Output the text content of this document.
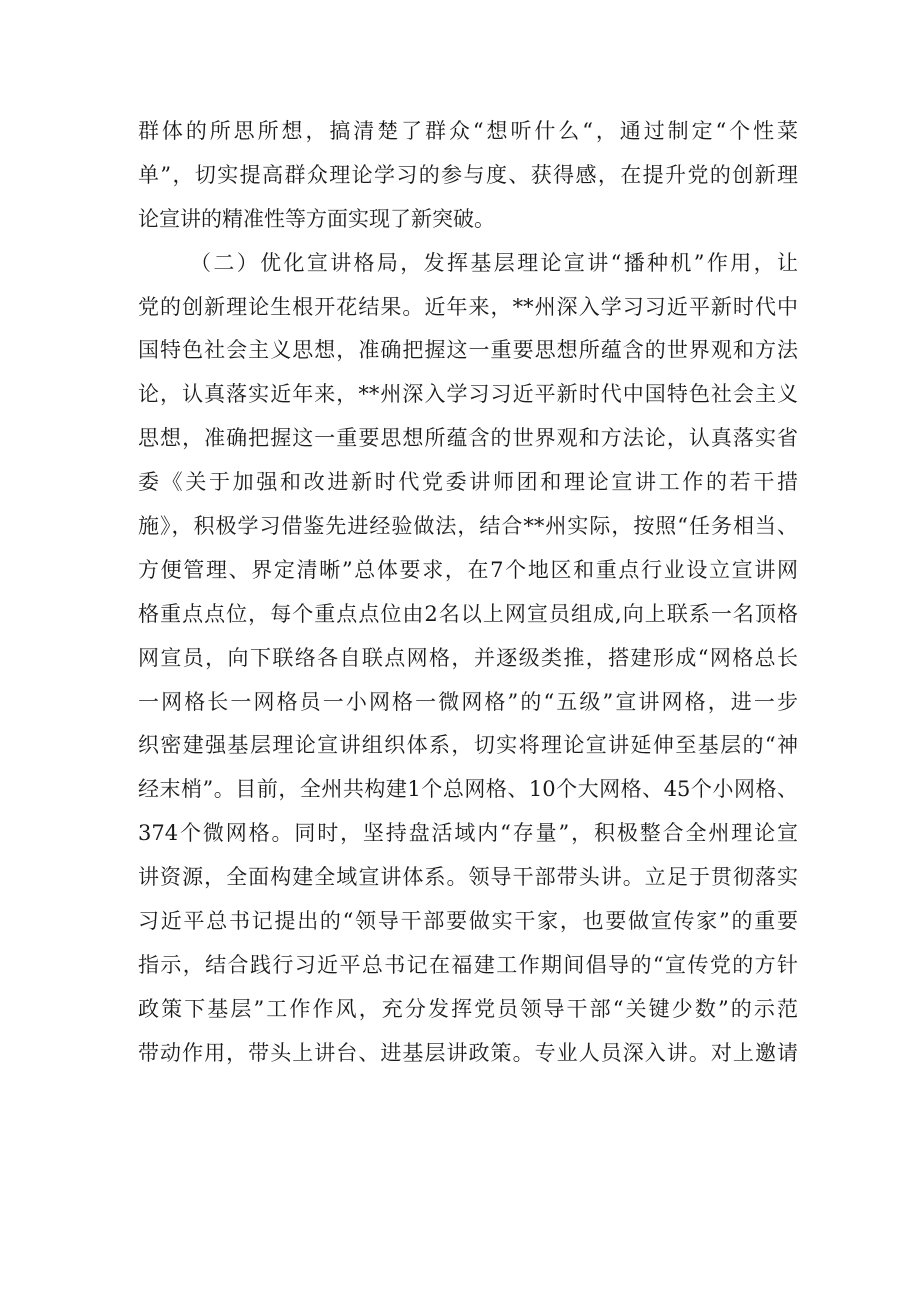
群体的所思所想，搞清楚了群众“想听什么“，通过制定“个性菜
单”，切实提高群众理论学习的参与度、获得感，在提升党的创新理
论宣讲的精准性等方面实现了新突破。
（二）优化宣讲格局，发挥基层理论宣讲“播种机”作用，让
党的创新理论生根开花结果。近年来，**州深入学习习近平新时代中
国特色社会主义思想，准确把握这一重要思想所蕴含的世界观和方法
论，认真落实近年来，**州深入学习习近平新时代中国特色社会主义
思想，准确把握这一重要思想所蕴含的世界观和方法论，认真落实省
委《关于加强和改进新时代党委讲师团和理论宣讲工作的若干措
施》，积极学习借鉴先进经验做法，结合**州实际，按照“任务相当、
方便管理、界定清晰”总体要求，在7个地区和重点行业设立宣讲网
格重点点位，每个重点点位由2名以上网宣员组成,向上联系一名顶格
网宣员，向下联络各自联点网格，并逐级类推，搭建形成“网格总长
一网格长一网格员一小网格一微网格”的“五级”宣讲网格，进一步
织密建强基层理论宣讲组织体系，切实将理论宣讲延伸至基层的“神
经末梢”。目前，全州共构建1个总网格、10个大网格、45个小网格、
374个微网格。同时，坚持盘活域内“存量”，积极整合全州理论宣
讲资源，全面构建全域宣讲体系。领导干部带头讲。立足于贯彻落实
习近平总书记提出的“领导干部要做实干家，也要做宣传家”的重要
指示，结合践行习近平总书记在福建工作期间倡导的“宣传党的方针
政策下基层”工作作风，充分发挥党员领导干部“关键少数”的示范
带动作用，带头上讲台、进基层讲政策。专业人员深入讲。对上邀请
